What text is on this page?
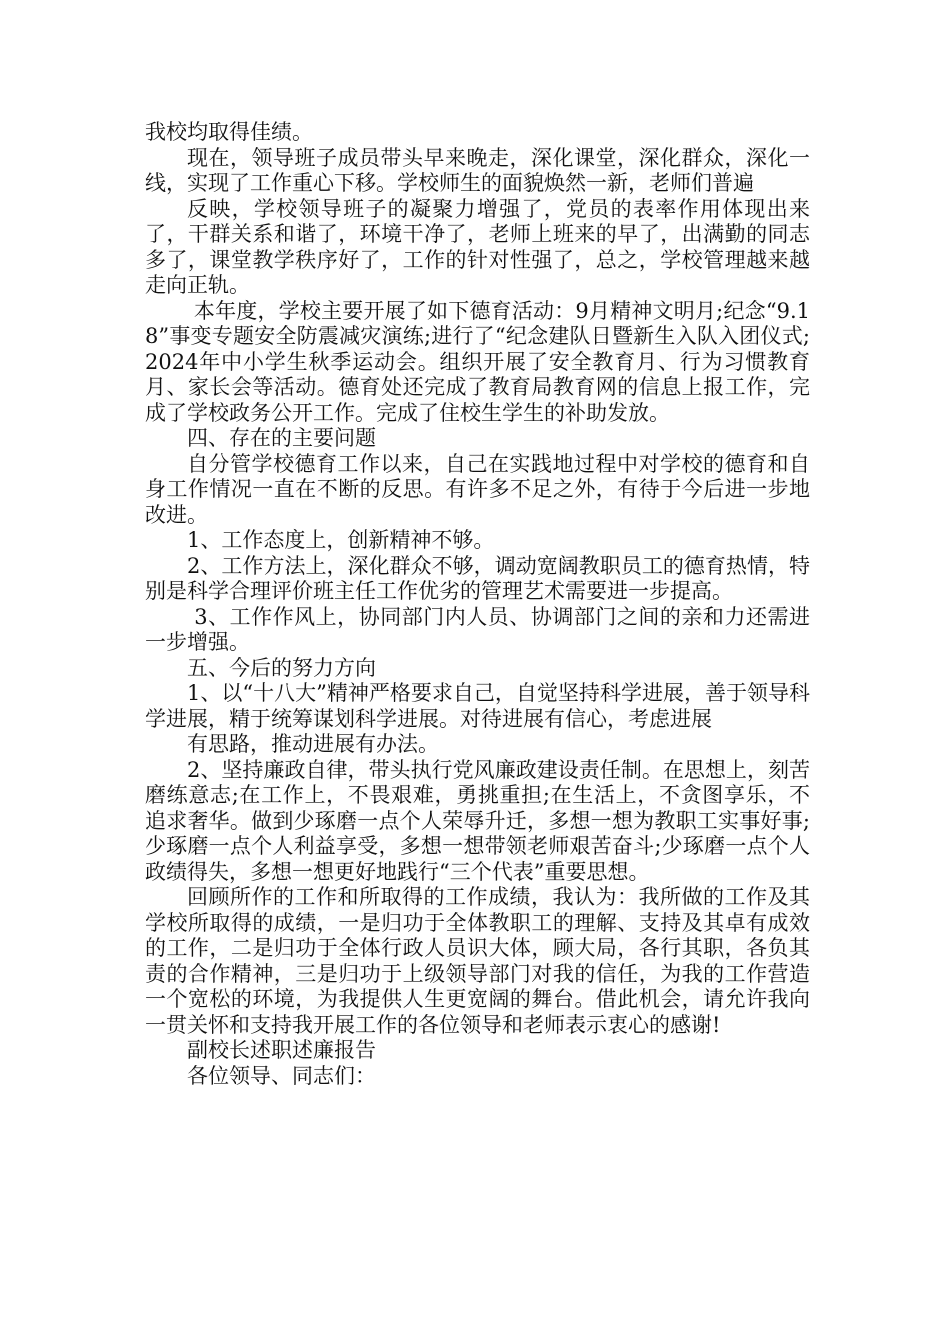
我校均取得佳绩。

现在，领导班子成员带头早来晚走，深化课堂，深化群众，深化一线，实现了工作重心下移。学校师生的面貌焕然一新，老师们普遍

反映，学校领导班子的凝聚力增强了，党员的表率作用体现出来了，干群关系和谐了，环境干净了，老师上班来的早了，出满勤的同志多了，课堂教学秩序好了，工作的针对性强了，总之，学校管理越来越走向正轨。

本年度，学校主要开展了如下德育活动：9月精神文明月;纪念“9.18”事变专题安全防震减灾演练;进行了“纪念建队日暨新生入队入团仪式;2024年中小学生秋季运动会。组织开展了安全教育月、行为习惯教育月、家长会等活动。德育处还完成了教育局教育网的信息上报工作，完成了学校政务公开工作。完成了住校生学生的补助发放。

四、存在的主要问题

自分管学校德育工作以来，自己在实践地过程中对学校的德育和自身工作情况一直在不断的反思。有许多不足之外，有待于今后进一步地改进。

1、工作态度上，创新精神不够。

2、工作方法上，深化群众不够，调动宽阔教职员工的德育热情，特别是科学合理评价班主任工作优劣的管理艺术需要进一步提高。

3、工作作风上，协同部门内人员、协调部门之间的亲和力还需进一步增强。

五、今后的努力方向

1、以“十八大”精神严格要求自己，自觉坚持科学进展，善于领导科学进展，精于统筹谋划科学进展。对待进展有信心，考虑进展

有思路，推动进展有办法。

2、坚持廉政自律，带头执行党风廉政建设责任制。在思想上，刻苦磨练意志;在工作上，不畏艰难，勇挑重担;在生活上，不贪图享乐，不追求奢华。做到少琢磨一点个人荣辱升迁，多想一想为教职工实事好事;少琢磨一点个人利益享受，多想一想带领老师艰苦奋斗;少琢磨一点个人政绩得失，多想一想更好地践行“三个代表”重要思想。

回顾所作的工作和所取得的工作成绩，我认为：我所做的工作及其学校所取得的成绩，一是归功于全体教职工的理解、支持及其卓有成效的工作，二是归功于全体行政人员识大体，顾大局，各行其职，各负其责的合作精神，三是归功于上级领导部门对我的信任，为我的工作营造一个宽松的环境，为我提供人生更宽阔的舞台。借此机会，请允许我向一贯关怀和支持我开展工作的各位领导和老师表示衷心的感谢!

副校长述职述廉报告

各位领导、同志们：
